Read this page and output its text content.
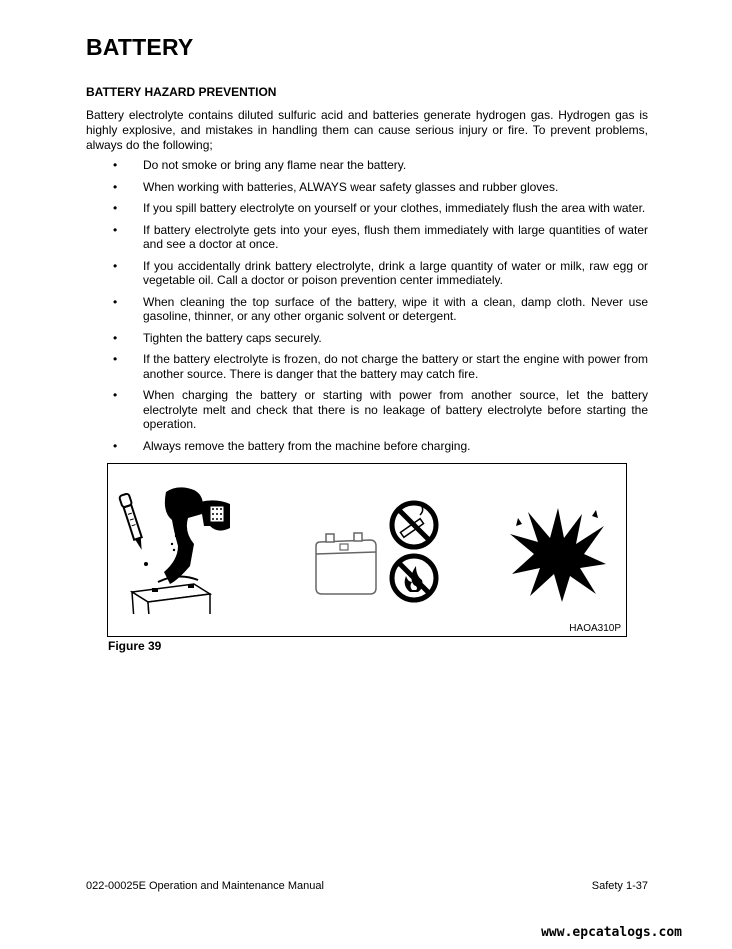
BATTERY
BATTERY HAZARD PREVENTION
Battery electrolyte contains diluted sulfuric acid and batteries generate hydrogen gas. Hydrogen gas is highly explosive, and mistakes in handling them can cause serious injury or fire. To prevent problems, always do the following;
• Do not smoke or bring any flame near the battery.
• When working with batteries, ALWAYS wear safety glasses and rubber gloves.
• If you spill battery electrolyte on yourself or your clothes, immediately flush the area with water.
• If battery electrolyte gets into your eyes, flush them immediately with large quantities of water and see a doctor at once.
• If you accidentally drink battery electrolyte, drink a large quantity of water or milk, raw egg or vegetable oil. Call a doctor or poison prevention center immediately.
• When cleaning the top surface of the battery, wipe it with a clean, damp cloth. Never use gasoline, thinner, or any other organic solvent or detergent.
• Tighten the battery caps securely.
• If the battery electrolyte is frozen, do not charge the battery or start the engine with power from another source. There is danger that the battery may catch fire.
• When charging the battery or starting with power from another source, let the battery electrolyte melt and check that there is no leakage of battery electrolyte before starting the operation.
• Always remove the battery from the machine before charging.
HAOA310P
Figure 39
022-00025E Operation and Maintenance Manual	Safety 1-37
www.epcatalogs.com
